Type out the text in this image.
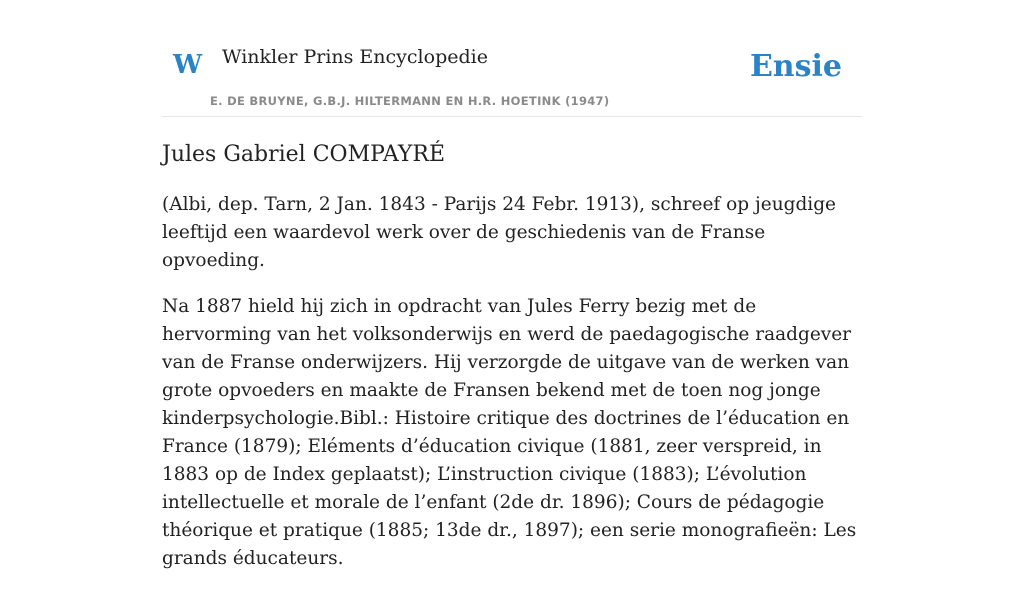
W Winkler Prins Encyclopedie
E. DE BRUYNE, G.B.J. HILTERMANN EN H.R. HOETINK (1947)
Ensie
Jules Gabriel COMPAYRÉ

(Albi, dep. Tarn, 2 Jan. 1843 - Parijs 24 Febr. 1913), schreef op jeugdige leeftijd een waardevol werk over de geschiedenis van de Franse opvoeding.

Na 1887 hield hij zich in opdracht van Jules Ferry bezig met de hervorming van het volksonderwijs en werd de paedagogische raadgever van de Franse onderwijzers. Hij verzorgde de uitgave van de werken van grote opvoeders en maakte de Fransen bekend met de toen nog jonge kinderpsychologie.Bibl.: Histoire critique des doctrines de l’éducation en France (1879); Eléments d’éducation civique (1881, zeer verspreid, in 1883 op de Index geplaatst); L’instruction civique (1883); L’évolution intellectuelle et morale de l’enfant (2de dr. 1896); Cours de pédagogie théorique et pratique (1885; 13de dr., 1897); een serie monografieën: Les grands éducateurs.
